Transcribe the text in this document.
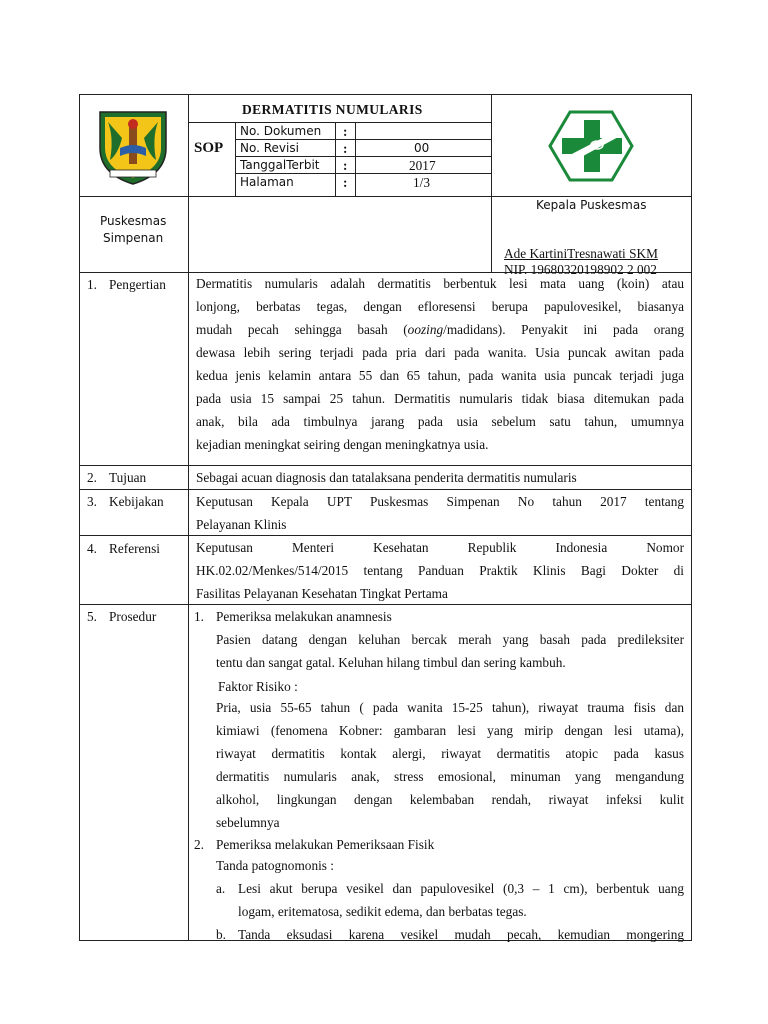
DERMATITIS NUMULARIS
SOP
No. Dokumen :
No. Revisi	:	00
TanggalTerbit :	2017
Halaman	:	1/3
Puskesmas
Simpenan
Kepala Puskesmas
Ade KartiniTresnawati SKM
NIP. 19680320198902 2 002
1. Pengertian Dermatitis numularis adalah dermatitis berbentuk lesi mata uang (koin) atau
lonjong, berbatas tegas, dengan efloresensi berupa papulovesikel, biasanya
mudah pecah sehingga basah (oozing/madidans). Penyakit ini pada orang
dewasa lebih sering terjadi pada pria dari pada wanita. Usia puncak awitan pada
kedua jenis kelamin antara 55 dan 65 tahun, pada wanita usia puncak terjadi juga
pada usia 15 sampai 25 tahun. Dermatitis numularis tidak biasa ditemukan pada
anak, bila ada timbulnya jarang pada usia sebelum satu tahun, umumnya
kejadian meningkat seiring dengan meningkatnya usia.
2. Tujuan	Sebagai acuan diagnosis dan tatalaksana penderita dermatitis numularis
3. Kebijakan Keputusan Kepala UPT Puskesmas Simpenan No tahun 2017 tentang
Pelayanan Klinis
4. Referensi	Keputusan Menteri Kesehatan Republik Indonesia Nomor
HK.02.02/Menkes/514/2015 tentang Panduan Praktik Klinis Bagi Dokter di
Fasilitas Pelayanan Kesehatan Tingkat Pertama
5. Prosedur	1. Pemeriksa melakukan anamnesis
Pasien datang dengan keluhan bercak merah yang basah pada predileksiter
tentu dan sangat gatal. Keluhan hilang timbul dan sering kambuh.
Faktor Risiko :
Pria, usia 55-65 tahun ( pada wanita 15-25 tahun), riwayat trauma fisis dan
kimiawi (fenomena Kobner: gambaran lesi yang mirip dengan lesi utama),
riwayat dermatitis kontak alergi, riwayat dermatitis atopic pada kasus
dermatitis numularis anak, stress emosional, minuman yang mengandung
alkohol, lingkungan dengan kelembaban rendah, riwayat infeksi kulit
sebelumnya
2. Pemeriksa melakukan Pemeriksaan Fisik
Tanda patognomonis :
a. Lesi akut berupa vesikel dan papulovesikel (0,3 – 1 cm), berbentuk uang
logam, eritematosa, sedikit edema, dan berbatas tegas.
b. Tanda eksudasi karena vesikel mudah pecah, kemudian mongering
